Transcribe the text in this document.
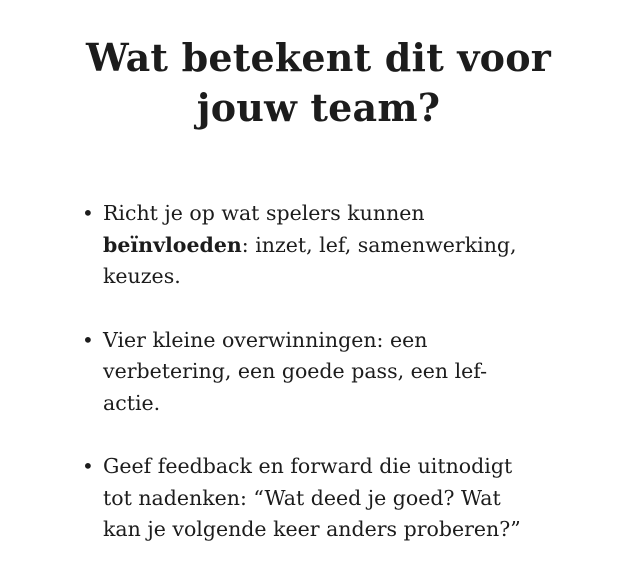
Wat betekent dit voor
jouw team?
• Richt je op wat spelers kunnen
beïnvloeden: inzet, lef, samenwerking,
keuzes.
• Vier kleine overwinningen: een
verbetering, een goede pass, een lef-
actie.
• Geef feedback en forward die uitnodigt
tot nadenken: “Wat deed je goed? Wat
kan je volgende keer anders proberen?”
